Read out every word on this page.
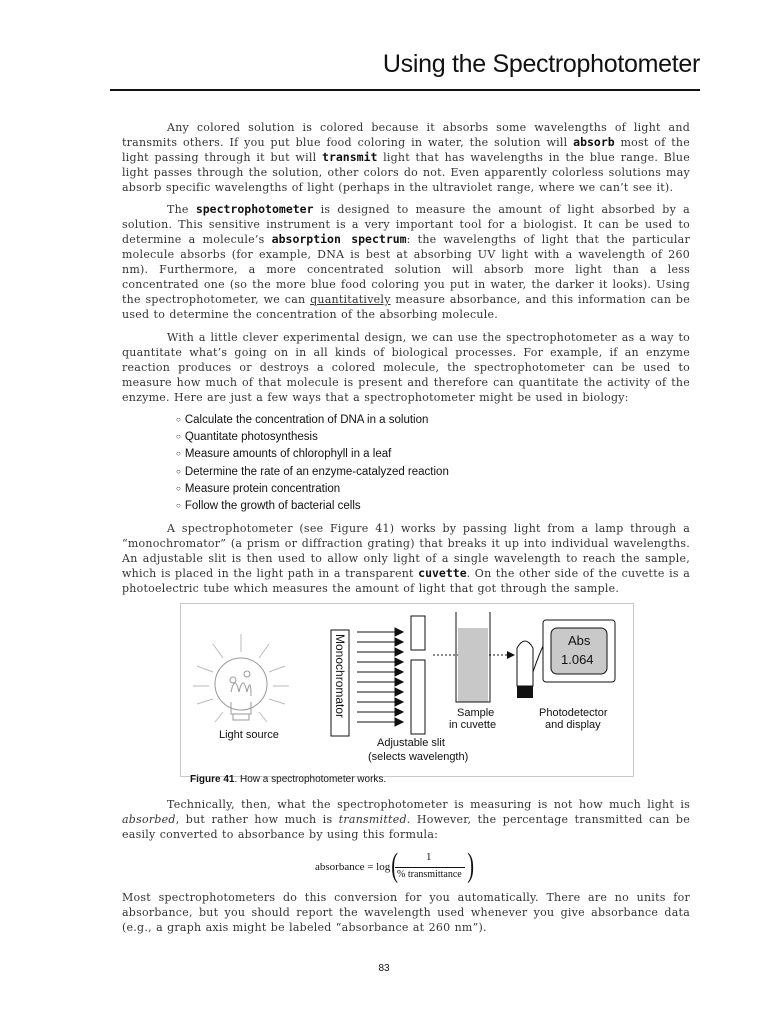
Using the Spectrophotometer

Any colored solution is colored because it absorbs some wavelengths of light and transmits others. If you put blue food coloring in water, the solution will absorb most of the light passing through it but will transmit light that has wavelengths in the blue range. Blue light passes through the solution, other colors do not. Even apparently colorless solutions may absorb specific wavelengths of light (perhaps in the ultraviolet range, where we can’t see it).

The spectrophotometer is designed to measure the amount of light absorbed by a solution. This sensitive instrument is a very important tool for a biologist. It can be used to determine a molecule’s absorption spectrum: the wavelengths of light that the particular molecule absorbs (for example, DNA is best at absorbing UV light with a wavelength of 260 nm). Furthermore, a more concentrated solution will absorb more light than a less concentrated one (so the more blue food coloring you put in water, the darker it looks). Using the spectrophotometer, we can quantitatively measure absorbance, and this information can be used to determine the concentration of the absorbing molecule.

With a little clever experimental design, we can use the spectrophotometer as a way to quantitate what’s going on in all kinds of biological processes. For example, if an enzyme reaction produces or destroys a colored molecule, the spectrophotometer can be used to measure how much of that molecule is present and therefore can quantitate the activity of the enzyme. Here are just a few ways that a spectrophotometer might be used in biology:

○ Calculate the concentration of DNA in a solution
○ Quantitate photosynthesis
○ Measure amounts of chlorophyll in a leaf
○ Determine the rate of an enzyme-catalyzed reaction
○ Measure protein concentration
○ Follow the growth of bacterial cells

A spectrophotometer (see Figure 41) works by passing light from a lamp through a “monochromator” (a prism or diffraction grating) that breaks it up into individual wavelengths. An adjustable slit is then used to allow only light of a single wavelength to reach the sample, which is placed in the light path in a transparent cuvette. On the other side of the cuvette is a photoelectric tube which measures the amount of light that got through the sample.

Light source
Monochromator
Adjustable slit
(selects wavelength)
Sample
in cuvette
Abs
1.064
Photodetector
and display
Figure 41. How a spectrophotometer works.

Technically, then, what the spectrophotometer is measuring is not how much light is absorbed, but rather how much is transmitted. However, the percentage transmitted can be easily converted to absorbance by using this formula:

absorbance = log (	1
% transmittance )

Most spectrophotometers do this conversion for you automatically. There are no units for absorbance, but you should report the wavelength used whenever you give absorbance data (e.g., a graph axis might be labeled “absorbance at 260 nm”).

83
